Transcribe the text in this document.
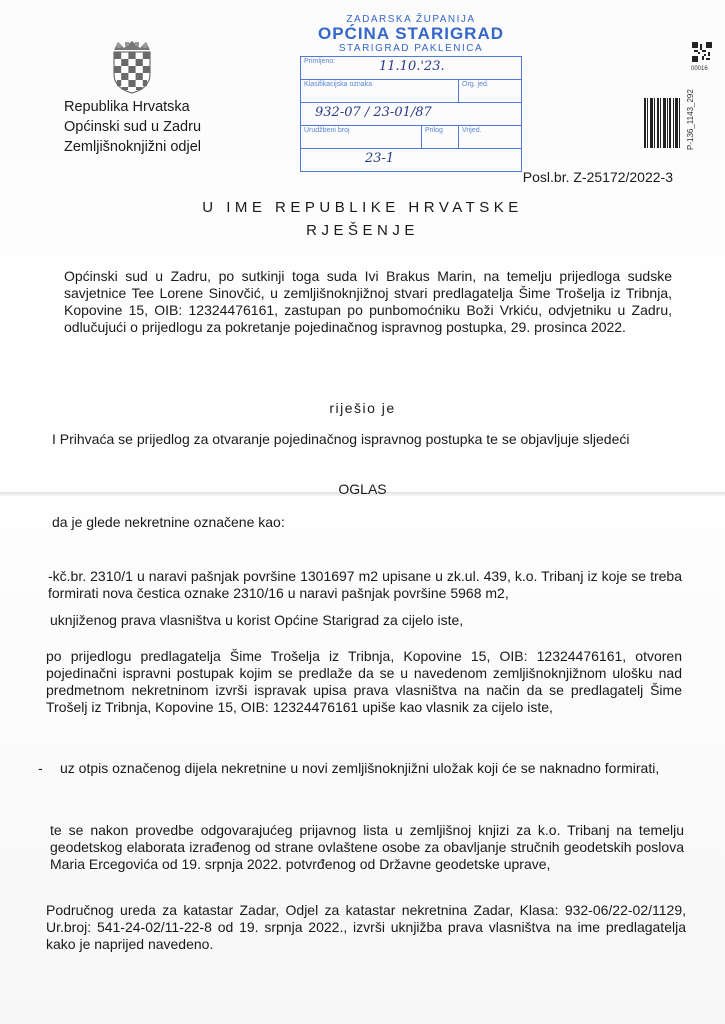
Republika Hrvatska
Općinski sud u Zadru
Zemljišnoknjižni odjel
ZADARSKA ŽUPANIJA
OPĆINA STARIGRAD
STARIGRAD PAKLENICA
Primljeno: 11.10.'23.		

Klasifikacijska oznaka		Org. jed.

932-07 / 23-01/87		

Urudžbeni broj	Prilog	Vrijed.

23-1		
00016
P-136_1143_292
Posl.br. Z-25172/2022-3
U IME REPUBLIKE HRVATSKE
RJEŠENJE
Općinski sud u Zadru, po sutkinji toga suda Ivi Brakus Marin, na temelju prijedloga sudske savjetnice Tee Lorene Sinovčić, u zemljišnoknjižnoj stvari predlagatelja Šime Trošelja iz Tribnja, Kopovine 15, OIB: 12324476161, zastupan po punbomoćniku Boži Vrkiću, odvjetniku u Zadru, odlučujući o prijedlogu za pokretanje pojedinačnog ispravnog postupka, 29. prosinca 2022.
riješio je
I Prihvaća se prijedlog za otvaranje pojedinačnog ispravnog postupka te se objavljuje sljedeći
OGLAS
da je glede nekretnine označene kao:
-kč.br. 2310/1 u naravi pašnjak površine 1301697 m2 upisane u zk.ul. 439, k.o. Tribanj iz koje se treba formirati nova čestica oznake 2310/16 u naravi pašnjak površine 5968 m2,
uknjiženog prava vlasništva u korist Općine Starigrad za cijelo iste,
po prijedlogu predlagatelja Šime Trošelja iz Tribnja, Kopovine 15, OIB: 12324476161, otvoren pojedinačni ispravni postupak kojim se predlaže da se u navedenom zemljišnoknjižnom ulošku nad predmetnom nekretninom izvrši ispravak upisa prava vlasništva na način da se predlagatelj Šime Trošelj iz Tribnja, Kopovine 15, OIB: 12324476161 upiše kao vlasnik za cijelo iste,
-	uz otpis označenog dijela nekretnine u novi zemljišnoknjižni uložak koji će se naknadno formirati,
te se nakon provedbe odgovarajućeg prijavnog lista u zemljišnoj knjizi za k.o. Tribanj na temelju geodetskog elaborata izrađenog od strane ovlaštene osobe za obavljanje stručnih geodetskih poslova Maria Ercegovića od 19. srpnja 2022. potvrđenog od Državne geodetske uprave,
Područnog ureda za katastar Zadar, Odjel za katastar nekretnina Zadar, Klasa: 932-06/22-02/1129, Ur.broj: 541-24-02/11-22-8 od 19. srpnja 2022., izvrši uknjižba prava vlasništva na ime predlagatelja kako je naprijed navedeno.
